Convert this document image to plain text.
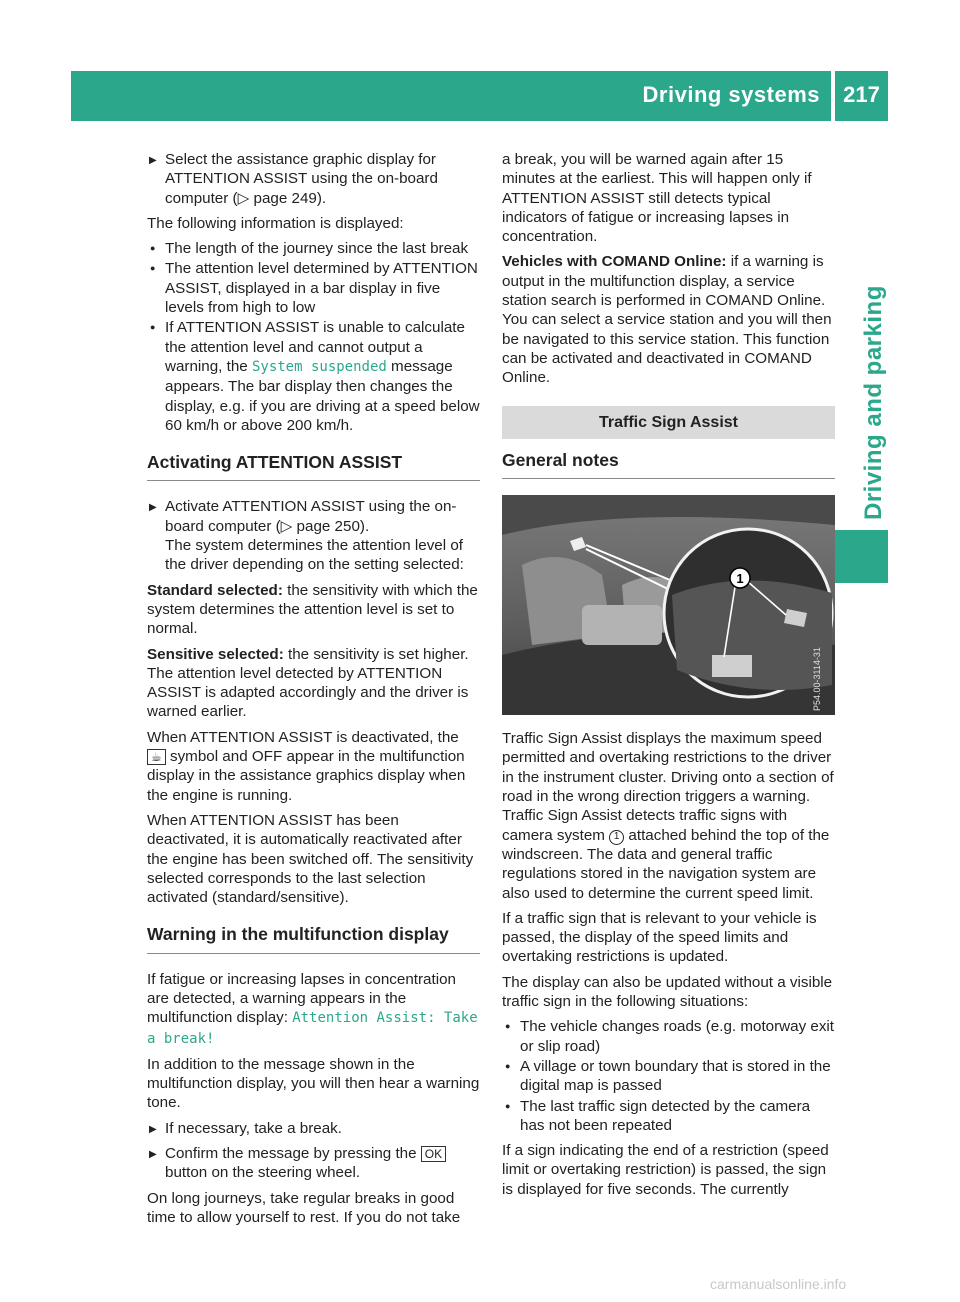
Driving systems	217
Driving and parking
▶ Select the assistance graphic display for ATTENTION ASSIST using the on-board computer (▷ page 249).
The following information is displayed:
● The length of the journey since the last break
● The attention level determined by ATTENTION ASSIST, displayed in a bar display in five levels from high to low
● If ATTENTION ASSIST is unable to calculate the attention level and cannot output a warning, the System suspended message appears. The bar display then changes the display, e.g. if you are driving at a speed below 60 km/h or above 200 km/h.
Activating ATTENTION ASSIST
▶ Activate ATTENTION ASSIST using the on-board computer (▷ page 250).
The system determines the attention level of the driver depending on the setting selected:
Standard selected: the sensitivity with which the system determines the attention level is set to normal.
Sensitive selected: the sensitivity is set higher. The attention level detected by ATTENTION ASSIST is adapted accordingly and the driver is warned earlier.
When ATTENTION ASSIST is deactivated, the
☕ symbol and OFF appear in the multifunction display in the assistance graphics display when the engine is running.
When ATTENTION ASSIST has been deactivated, it is automatically reactivated after the engine has been switched off. The sensitivity selected corresponds to the last selection activated (standard/sensitive).
Warning in the multifunction display
If fatigue or increasing lapses in concentration are detected, a warning appears in the multifunction display: Attention Assist: Take a break!
In addition to the message shown in the multifunction display, you will then hear a warning tone.
▶ If necessary, take a break.
▶ Confirm the message by pressing the OK button on the steering wheel.
On long journeys, take regular breaks in good time to allow yourself to rest. If you do not take
a break, you will be warned again after 15 minutes at the earliest. This will happen only if ATTENTION ASSIST still detects typical indicators of fatigue or increasing lapses in concentration.
Vehicles with COMAND Online: if a warning is output in the multifunction display, a service station search is performed in COMAND Online. You can select a service station and you will then be navigated to this service station. This function can be activated and deactivated in COMAND Online.
Traffic Sign Assist
General notes
1
P54.00-3114-31
Traffic Sign Assist displays the maximum speed permitted and overtaking restrictions to the driver in the instrument cluster. Driving onto a section of road in the wrong direction triggers a warning. Traffic Sign Assist detects traffic signs with camera system 1 attached behind the top of the windscreen. The data and general traffic regulations stored in the navigation system are also used to determine the current speed limit.
If a traffic sign that is relevant to your vehicle is passed, the display of the speed limits and overtaking restrictions is updated.
The display can also be updated without a visible traffic sign in the following situations:
● The vehicle changes roads (e.g. motorway exit or slip road)
● A village or town boundary that is stored in the digital map is passed
● The last traffic sign detected by the camera has not been repeated
If a sign indicating the end of a restriction (speed limit or overtaking restriction) is passed, the sign is displayed for five seconds. The currently
carmanualsonline.info
